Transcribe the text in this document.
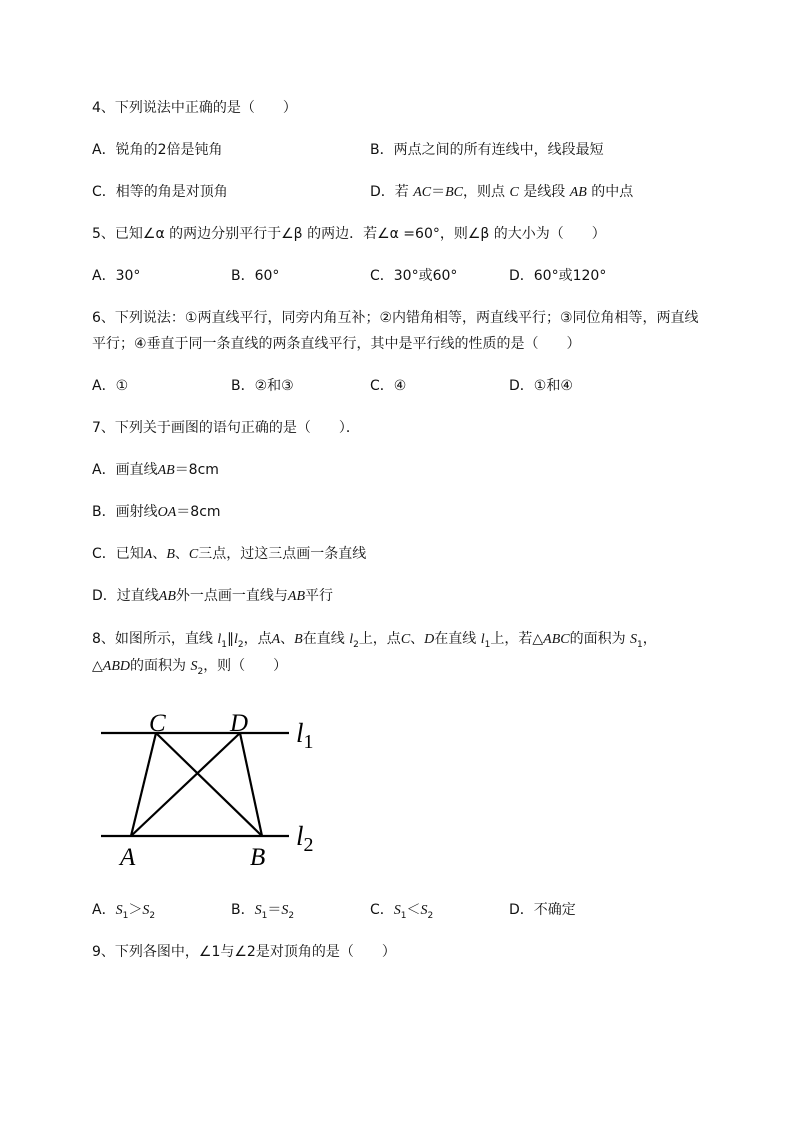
4、下列说法中正确的是（　　）
A．锐角的2倍是钝角	B．两点之间的所有连线中，线段最短
C．相等的角是对顶角	D．若 AC＝BC，则点 C 是线段 AB 的中点
5、已知∠α 的两边分别平行于∠β 的两边．若∠α =60°，则∠β 的大小为（　　）
A．30°	B．60°	C．30°或60°	D．60°或120°
6、下列说法：①两直线平行，同旁内角互补；②内错角相等，两直线平行；③同位角相等，两直线
平行；④垂直于同一条直线的两条直线平行，其中是平行线的性质的是（　　）
A．①	B．②和③	C．④	D．①和④
7、下列关于画图的语句正确的是（　　）．
A．画直线AB＝8cm
B．画射线OA＝8cm
C．已知A、B、C三点，过这三点画一条直线
D．过直线AB外一点画一直线与AB平行
8、如图所示，直线 $l_1\parallel l_2$，点A、B在直线 $l_2$上，点C、D在直线 $l_1$上，若△ABC的面积为 $S_1$，
△ABD的面积为 $S_2$，则（　　）
C	D
A	B
$l_1$
$l_2$
A．$S_1>S_2$	B．$S_1=S_2$	C．$S_1<S_2$	D．不确定
9、下列各图中，∠1与∠2是对顶角的是（　　）
